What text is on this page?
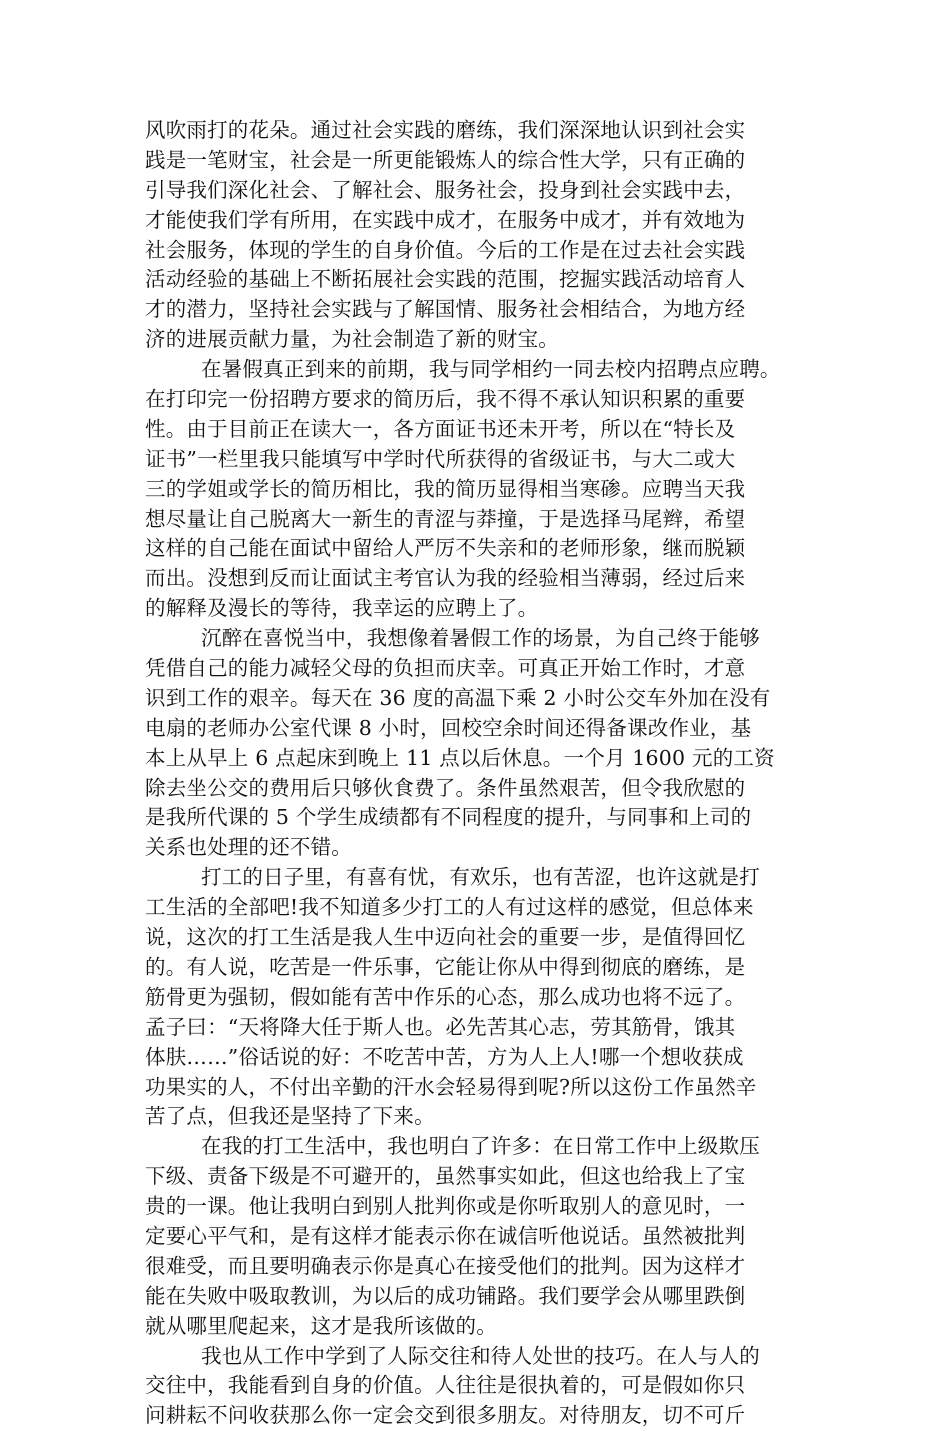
风吹雨打的花朵。通过社会实践的磨练，我们深深地认识到社会实
践是一笔财宝，社会是一所更能锻炼人的综合性大学，只有正确的
引导我们深化社会、了解社会、服务社会，投身到社会实践中去，
才能使我们学有所用，在实践中成才，在服务中成才，并有效地为
社会服务，体现的学生的自身价值。今后的工作是在过去社会实践
活动经验的基础上不断拓展社会实践的范围，挖掘实践活动培育人
才的潜力，坚持社会实践与了解国情、服务社会相结合，为地方经
济的进展贡献力量，为社会制造了新的财宝。
在暑假真正到来的前期，我与同学相约一同去校内招聘点应聘。
在打印完一份招聘方要求的简历后，我不得不承认知识积累的重要
性。由于目前正在读大一，各方面证书还未开考，所以在“特长及
证书”一栏里我只能填写中学时代所获得的省级证书，与大二或大
三的学姐或学长的简历相比，我的简历显得相当寒碜。应聘当天我
想尽量让自己脱离大一新生的青涩与莽撞，于是选择马尾辫，希望
这样的自己能在面试中留给人严厉不失亲和的老师形象，继而脱颖
而出。没想到反而让面试主考官认为我的经验相当薄弱，经过后来
的解释及漫长的等待，我幸运的应聘上了。
沉醉在喜悦当中，我想像着暑假工作的场景，为自己终于能够
凭借自己的能力减轻父母的负担而庆幸。可真正开始工作时，才意
识到工作的艰辛。每天在 36 度的高温下乘 2 小时公交车外加在没有
电扇的老师办公室代课 8 小时，回校空余时间还得备课改作业，基
本上从早上 6 点起床到晚上 11 点以后休息。一个月 1600 元的工资
除去坐公交的费用后只够伙食费了。条件虽然艰苦，但令我欣慰的
是我所代课的 5 个学生成绩都有不同程度的提升，与同事和上司的
关系也处理的还不错。
打工的日子里，有喜有忧，有欢乐，也有苦涩，也许这就是打
工生活的全部吧!我不知道多少打工的人有过这样的感觉，但总体来
说，这次的打工生活是我人生中迈向社会的重要一步，是值得回忆
的。有人说，吃苦是一件乐事，它能让你从中得到彻底的磨练，是
筋骨更为强韧，假如能有苦中作乐的心态，那么成功也将不远了。
孟子曰：“天将降大任于斯人也。必先苦其心志，劳其筋骨，饿其
体肤……”俗话说的好：不吃苦中苦，方为人上人!哪一个想收获成
功果实的人，不付出辛勤的汗水会轻易得到呢?所以这份工作虽然辛
苦了点，但我还是坚持了下来。
在我的打工生活中，我也明白了许多：在日常工作中上级欺压
下级、责备下级是不可避开的，虽然事实如此，但这也给我上了宝
贵的一课。他让我明白到别人批判你或是你听取别人的意见时，一
定要心平气和，是有这样才能表示你在诚信听他说话。虽然被批判
很难受，而且要明确表示你是真心在接受他们的批判。因为这样才
能在失败中吸取教训，为以后的成功铺路。我们要学会从哪里跌倒
就从哪里爬起来，这才是我所该做的。
我也从工作中学到了人际交往和待人处世的技巧。在人与人的
交往中，我能看到自身的价值。人往往是很执着的，可是假如你只
问耕耘不问收获那么你一定会交到很多朋友。对待朋友，切不可斤
